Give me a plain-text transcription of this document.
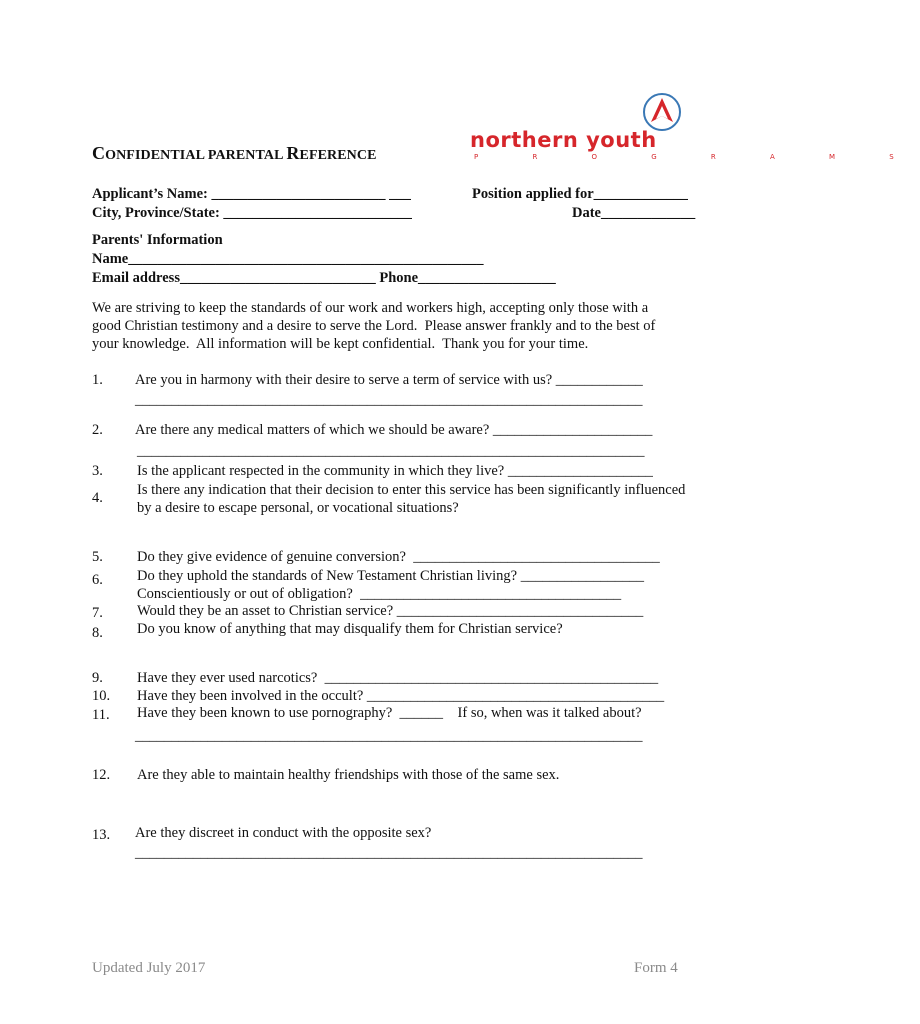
northern youth

P R O G R A M S

CONFIDENTIAL PARENTAL REFERENCE
Applicant’s Name: ________________________ ___
City, Province/State: __________________________
Position applied for_____________
Date_____________
Parents' Information
Name_________________________________________________
Email address___________________________ Phone___________________
We are striving to keep the standards of our work and workers high, accepting only those with a
good Christian testimony and a desire to serve the Lord.  Please answer frankly and to the best of
your knowledge.  All information will be kept confidential.  Thank you for your time.
1. Are you in harmony with their desire to serve a term of service with us? ____________
______________________________________________________________________
2. Are there any medical matters of which we should be aware? ______________________
______________________________________________________________________
3. Is the applicant respected in the community in which they live? ____________________
4. Is there any indication that their decision to enter this service has been significantly influenced
by a desire to escape personal, or vocational situations?
5. Do they give evidence of genuine conversion?  __________________________________
6. Do they uphold the standards of New Testament Christian living? _________________
Conscientiously or out of obligation?  ____________________________________
7. Would they be an asset to Christian service? __________________________________
8. Do you know of anything that may disqualify them for Christian service?
9. Have they ever used narcotics?  ______________________________________________
10. Have they been involved in the occult? _________________________________________
11. Have they been known to use pornography?  ______    If so, when was it talked about?
______________________________________________________________________
12. Are they able to maintain healthy friendships with those of the same sex.
13. Are they discreet in conduct with the opposite sex?
______________________________________________________________________
Updated July 2017	Form 4
